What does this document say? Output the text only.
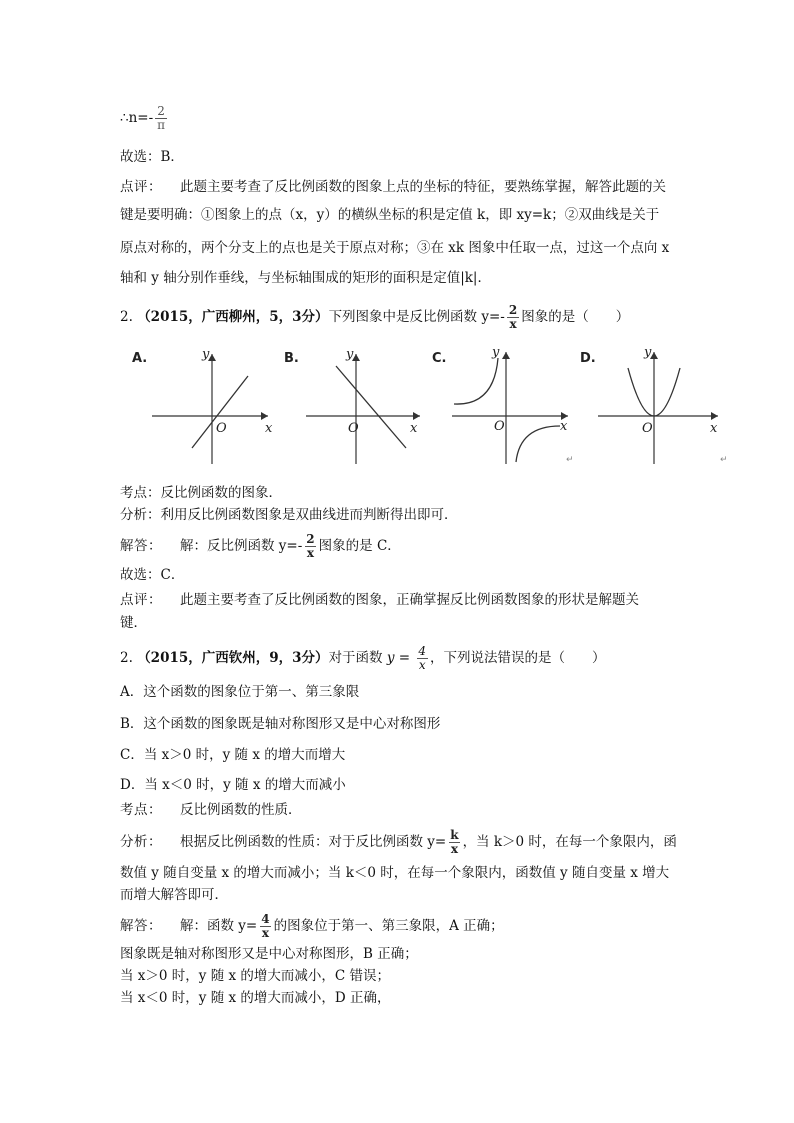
∴n=- $\frac{2}{\pi}$
故选：B．
点评： 此题主要考查了反比例函数的图象上点的坐标的特征，要熟练掌握，解答此题的关
键是要明确：①图象上的点（x，y）的横纵坐标的积是定值 k，即 xy=k；②双曲线是关于
原点对称的，两个分支上的点也是关于原点对称；③在 xk 图象中任取一点，过这一个点向 x
轴和 y 轴分别作垂线，与坐标轴围成的矩形的面积是定值|k|．
2. （2015，广西柳州，5，3分）下列图象中是反比例函数 $y=- \frac{2}{x}$ 图象的是（　　）
A.	y
x
O
B.	y
x
O
C.	y
x
O
↵
D.	y
x
O
↵
考点：反比例函数的图象．
分析：利用反比例函数图象是双曲线进而判断得出即可．
解答： 解：反比例函数 $y=- \frac{2}{x}$ 图象的是 C．
故选：C．
点评： 此题主要考查了反比例函数的图象，正确掌握反比例函数图象的形状是解题关
键．
2. （2015，广西钦州，9，3分）对于函数 $y = \frac{4}{x}$ ，下列说法错误的是（　　）
A．这个函数的图象位于第一、第三象限
B．这个函数的图象既是轴对称图形又是中心对称图形
C．当 x＞0 时，y 随 x 的增大而增大
D．当 x＜0 时，y 随 x 的增大而减小
考点： 反比例函数的性质．
分析： 根据反比例函数的性质：对于反比例函数 $y= \frac{k}{x}$ ，当 k＞0 时，在每一个象限内，函
数值 y 随自变量 x 的增大而减小；当 k＜0 时，在每一个象限内，函数值 y 随自变量 x 增大
而增大解答即可．
解答： 解：函数 $y= \frac{4}{x}$ 的图象位于第一、第三象限，A 正确；
图象既是轴对称图形又是中心对称图形，B 正确；
当 x＞0 时，y 随 x 的增大而减小，C 错误；
当 x＜0 时，y 随 x 的增大而减小，D 正确，
